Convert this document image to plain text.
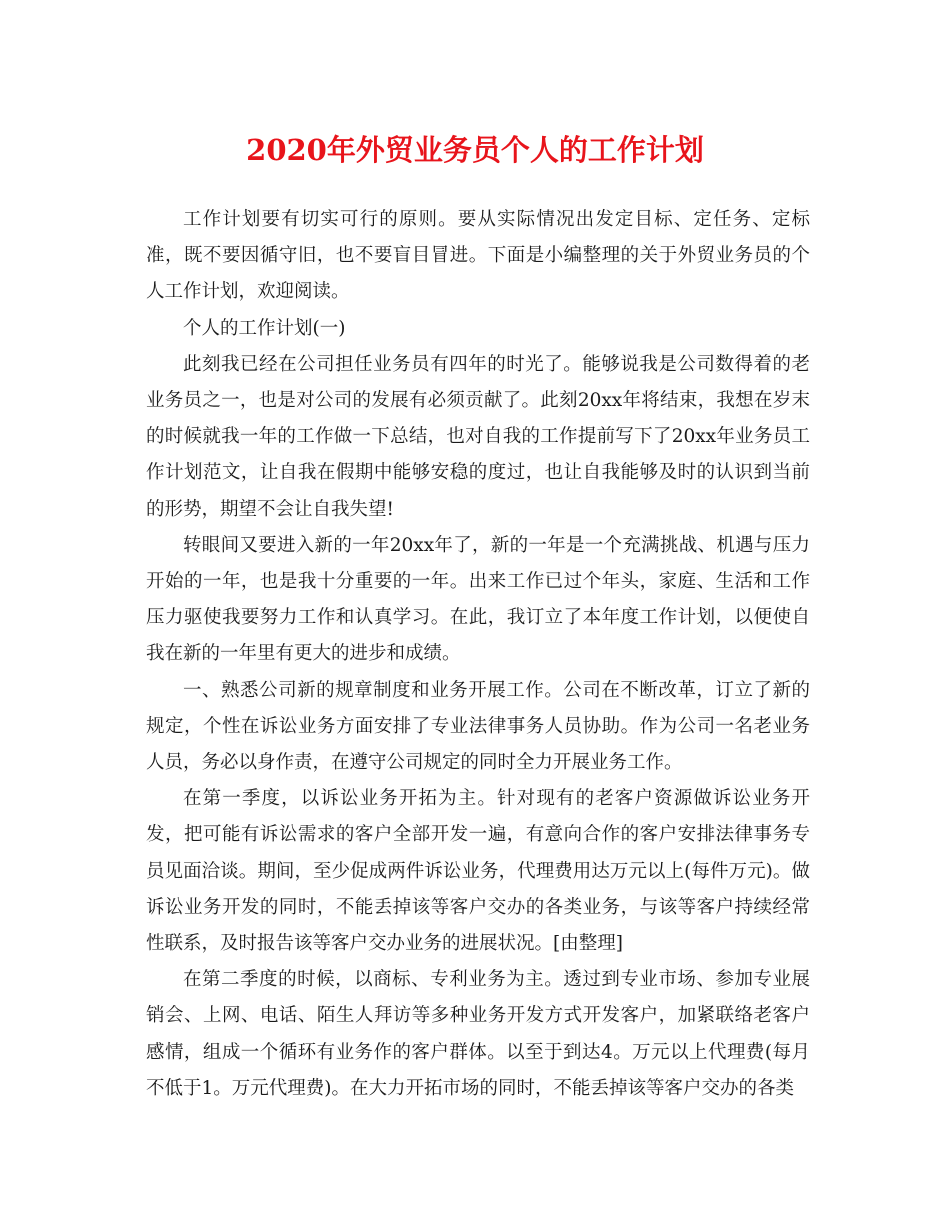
2020年外贸业务员个人的工作计划

工作计划要有切实可行的原则。要从实际情况出发定目标、定任务、定标准，既不要因循守旧，也不要盲目冒进。下面是小编整理的关于外贸业务员的个人工作计划，欢迎阅读。

个人的工作计划(一)

此刻我已经在公司担任业务员有四年的时光了。能够说我是公司数得着的老业务员之一，也是对公司的发展有必须贡献了。此刻20xx年将结束，我想在岁末的时候就我一年的工作做一下总结，也对自我的工作提前写下了20xx年业务员工作计划范文，让自我在假期中能够安稳的度过，也让自我能够及时的认识到当前的形势，期望不会让自我失望!

转眼间又要进入新的一年20xx年了，新的一年是一个充满挑战、机遇与压力开始的一年，也是我十分重要的一年。出来工作已过个年头，家庭、生活和工作压力驱使我要努力工作和认真学习。在此，我订立了本年度工作计划，以便使自我在新的一年里有更大的进步和成绩。

一、熟悉公司新的规章制度和业务开展工作。公司在不断改革，订立了新的规定，个性在诉讼业务方面安排了专业法律事务人员协助。作为公司一名老业务人员，务必以身作责，在遵守公司规定的同时全力开展业务工作。

在第一季度，以诉讼业务开拓为主。针对现有的老客户资源做诉讼业务开发，把可能有诉讼需求的客户全部开发一遍，有意向合作的客户安排法律事务专员见面洽谈。期间，至少促成两件诉讼业务，代理费用达万元以上(每件万元)。做诉讼业务开发的同时，不能丢掉该等客户交办的各类业务，与该等客户持续经常性联系，及时报告该等客户交办业务的进展状况。[由整理]

在第二季度的时候，以商标、专利业务为主。透过到专业市场、参加专业展销会、上网、电话、陌生人拜访等多种业务开发方式开发客户，加紧联络老客户感情，组成一个循环有业务作的客户群体。以至于到达4。万元以上代理费(每月不低于1。万元代理费)。在大力开拓市场的同时，不能丢掉该等客户交办的各类
